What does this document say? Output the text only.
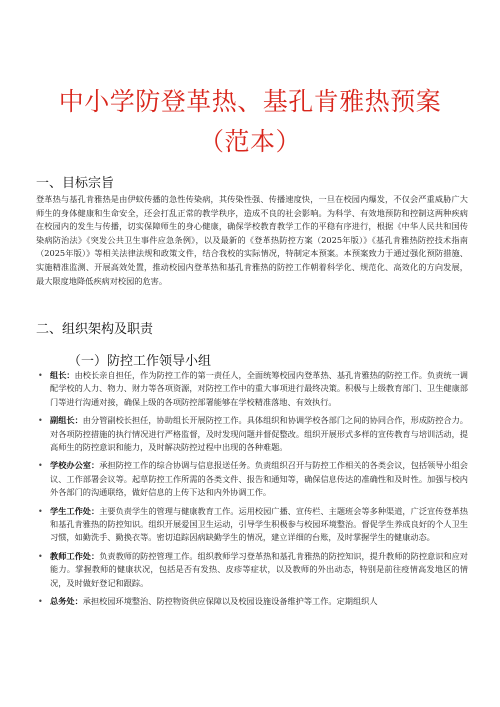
中小学防登革热、基孔肯雅热预案
（范本）
一、目标宗旨

登革热与基孔肯雅热是由伊蚊传播的急性传染病，其传染性强、传播速度快，一旦在校园内爆发，不仅会严重威胁广大师生的身体健康和生命安全，还会打乱正常的教学秩序，造成不良的社会影响。为科学、有效地预防和控制这两种疾病在校园内的发生与传播，切实保障师生的身心健康，确保学校教育教学工作的平稳有序进行，根据《中华人民共和国传染病防治法》《突发公共卫生事件应急条例》，以及最新的《登革热防控方案（2025年版）》《基孔肯雅热防控技术指南（2025年版）》等相关法律法规和政策文件，结合我校的实际情况，特制定本预案。本预案致力于通过强化预防措施、实施精准监测、开展高效处置，推动校园内登革热和基孔肯雅热的防控工作朝着科学化、规范化、高效化的方向发展，最大限度地降低疾病对校园的危害。

二、组织架构及职责
（一）防控工作领导小组
• 组长：由校长亲自担任，作为防控工作的第一责任人，全面统筹校园内登革热、基孔肯雅热的防控工作。负责统一调配学校的人力、物力、财力等各项资源，对防控工作中的重大事项进行最终决策。积极与上级教育部门、卫生健康部门等进行沟通对接，确保上级的各项防控部署能够在学校精准落地、有效执行。
• 副组长：由分管副校长担任，协助组长开展防控工作。具体组织和协调学校各部门之间的协同合作，形成防控合力。对各项防控措施的执行情况进行严格监督，及时发现问题并督促整改。组织开展形式多样的宣传教育与培训活动，提高师生的防控意识和能力，及时解决防控过程中出现的各种难题。
• 学校办公室：承担防控工作的综合协调与信息报送任务。负责组织召开与防控工作相关的各类会议，包括领导小组会议、工作部署会议等。起草防控工作所需的各类文件、报告和通知等，确保信息传达的准确性和及时性。加强与校内外各部门的沟通联络，做好信息的上传下达和内外协调工作。
• 学生工作处：主要负责学生的管理与健康教育工作。运用校园广播、宣传栏、主题班会等多种渠道，广泛宣传登革热和基孔肯雅热的防控知识。组织开展爱国卫生运动，引导学生积极参与校园环境整治。督促学生养成良好的个人卫生习惯，如勤洗手、勤换衣等。密切追踪因病缺勤学生的情况，建立详细的台账，及时掌握学生的健康动态。
• 教师工作处：负责教师的防控管理工作。组织教师学习登革热和基孔肯雅热的防控知识，提升教师的防控意识和应对能力。掌握教师的健康状况，包括是否有发热、皮疹等症状，以及教师的外出动态，特别是前往疫情高发地区的情况，及时做好登记和跟踪。
• 总务处：承担校园环境整治、防控物资供应保障以及校园设施设备维护等工作。定期组织人
